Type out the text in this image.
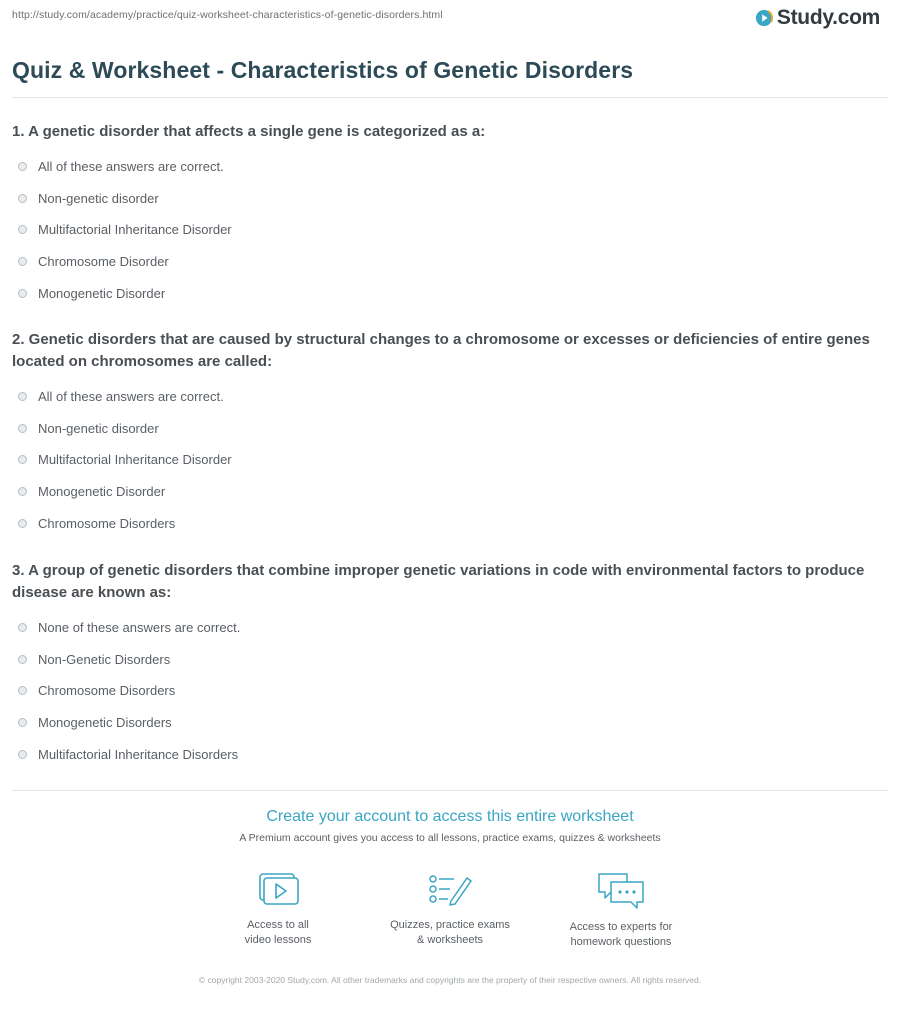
http://study.com/academy/practice/quiz-worksheet-characteristics-of-genetic-disorders.html	Study.com
Quiz & Worksheet - Characteristics of Genetic Disorders

1. A genetic disorder that affects a single gene is categorized as a:

All of these answers are correct.
Non-genetic disorder
Multifactorial Inheritance Disorder
Chromosome Disorder
Monogenetic Disorder

2. Genetic disorders that are caused by structural changes to a chromosome or excesses or deficiencies of entire genes located on chromosomes are called:

All of these answers are correct.
Non-genetic disorder
Multifactorial Inheritance Disorder
Monogenetic Disorder
Chromosome Disorders

3. A group of genetic disorders that combine improper genetic variations in code with environmental factors to produce disease are known as:

None of these answers are correct.
Non-Genetic Disorders
Chromosome Disorders
Monogenetic Disorders
Multifactorial Inheritance Disorders
Create your account to access this entire worksheet
A Premium account gives you access to all lessons, practice exams, quizzes & worksheets
Access to all
video lessons
Quizzes, practice exams
& worksheets
Access to experts for
homework questions
© copyright 2003-2020 Study.com. All other trademarks and copyrights are the property of their respective owners. All rights reserved.
